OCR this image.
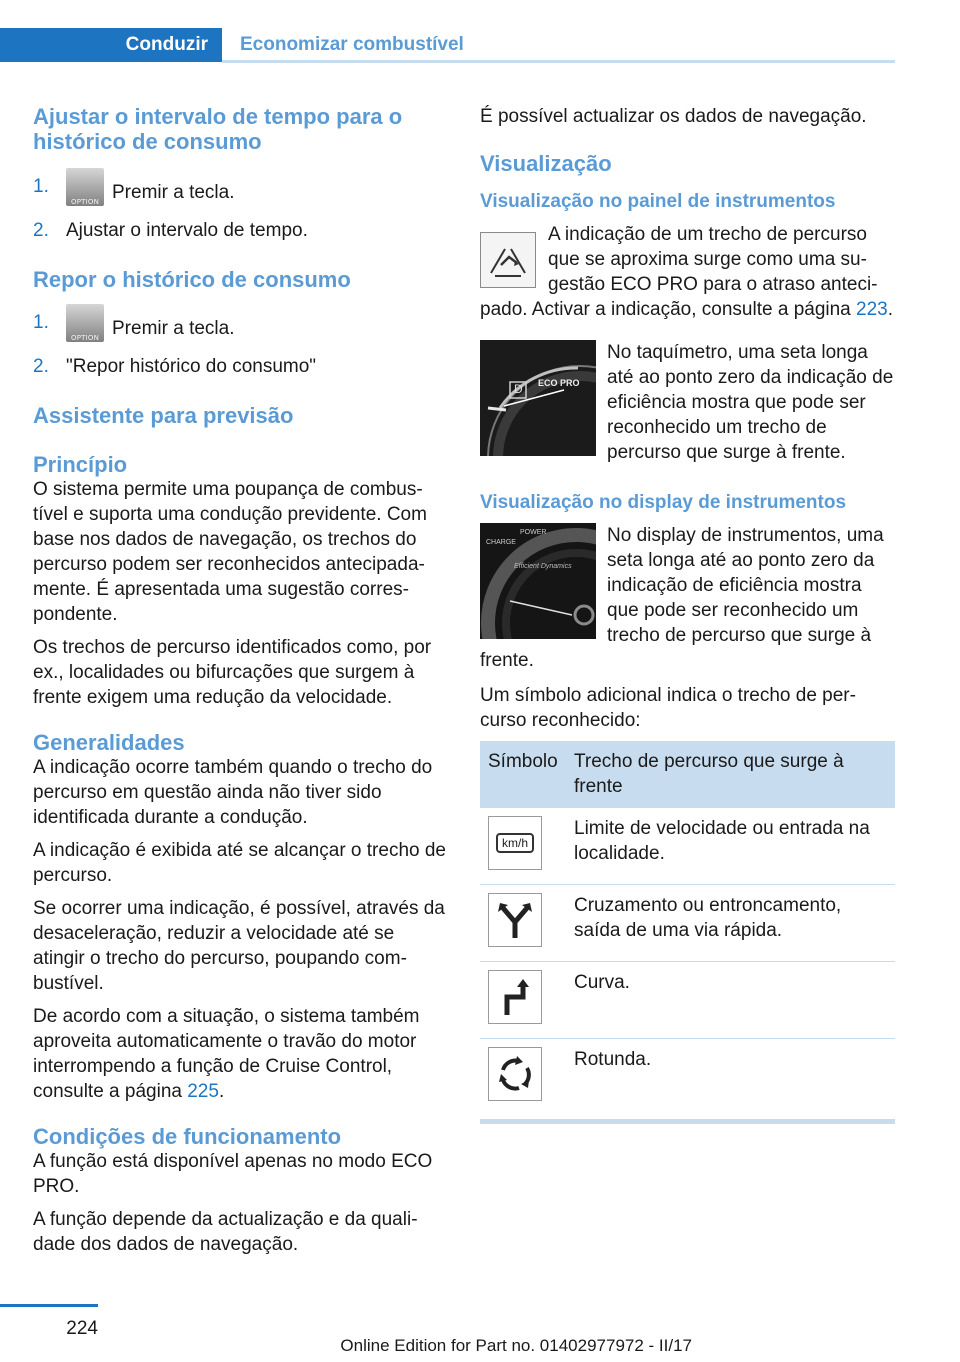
Conduzir	Economizar combustível
Ajustar o intervalo de tempo para o histórico de consumo
1.
OPTION Premir a tecla.
2. Ajustar o intervalo de tempo.
Repor o histórico de consumo
1.
OPTION Premir a tecla.
2. "Repor histórico do consumo"
Assistente para previsão
Princípio

O sistema permite uma poupança de combustível e suporta uma condução previdente. Com base nos dados de navegação, os trechos do percurso podem ser reconhecidos antecipadamente. É apresentada uma sugestão correspondente.

Os trechos de percurso identificados como, por ex., localidades ou bifurcações que surgem à frente exigem uma redução da velocidade.

Generalidades

A indicação ocorre também quando o trecho do percurso em questão ainda não tiver sido identificada durante a condução.

A indicação é exibida até se alcançar o trecho de percurso.

Se ocorrer uma indicação, é possível, através da desaceleração, reduzir a velocidade até se atingir o trecho do percurso, poupando combustível.

De acordo com a situação, o sistema também aproveita automaticamente o travão do motor interrompendo a função de Cruise Control, consulte a página 225.

Condições de funcionamento

A função está disponível apenas no modo ECO PRO.

A função depende da actualização e da qualidade dos dados de navegação.

É possível actualizar os dados de navegação.

Visualização
Visualização no painel de instrumentos

A indicação de um trecho de percurso que se aproxima surge como uma sugestão ECO PRO para o atraso antecipado. Activar a indicação, consulte a página 223.

D ECO PRO

No taquímetro, uma seta longa até ao ponto zero da indicação de eficiência mostra que pode ser reconhecido um trecho de percurso que surge à frente.

Visualização no display de instrumentos
CHARGE
POWER
Efficient Dynamics

No display de instrumentos, uma seta longa até ao ponto zero da indicação de eficiência mostra que pode ser reconhecido um trecho de percurso que surge à frente.

Um símbolo adicional indica o trecho de percurso reconhecido:

Símbolo	Trecho de percurso que surge à frente

km/h	Limite de velocidade ou entrada na localidade.

	Cruzamento ou entroncamento, saída de uma via rápida.

	Curva.

	Rotunda.
224
Online Edition for Part no. 01402977972 - II/17
